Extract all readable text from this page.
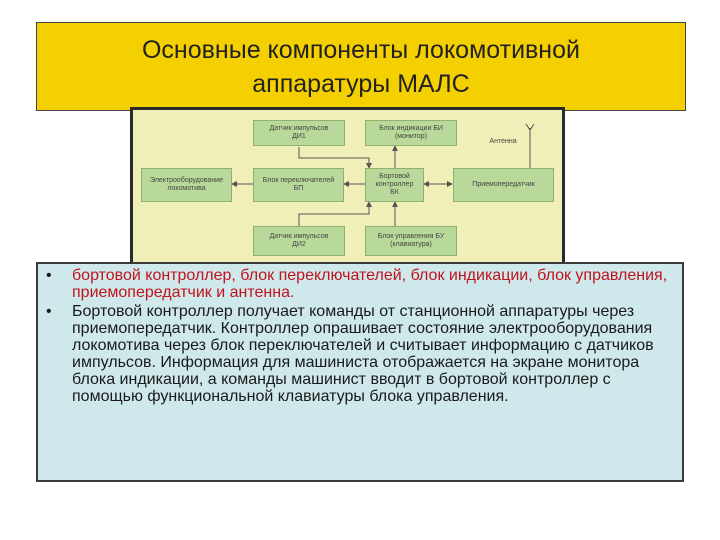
Основные компоненты локомотивной
аппаратуры МАЛС
Датчик импульсов
ДИ1
Блок индикации БИ
(монитор)
Антенна
Электрооборудование
локомотива
Блок переключателей
БП
Бортовой контроллер
БК
Приемопередатчик
Датчик импульсов
ДИ2
Блок управления БУ
(клавиатура)
• бортовой контроллер, блок переключателей, блок индикации, блок управления, приемопередатчик и антенна.
• Бортовой контроллер получает команды от станционной аппаратуры через приемопередатчик. Контроллер опрашивает состояние электрооборудования локомотива через блок переключателей и считывает информацию с датчиков импульсов. Информация для машиниста отображается на экране монитора блока индикации, а команды машинист вводит в бортовой контроллер с помощью функциональной клавиатуры блока управления.
